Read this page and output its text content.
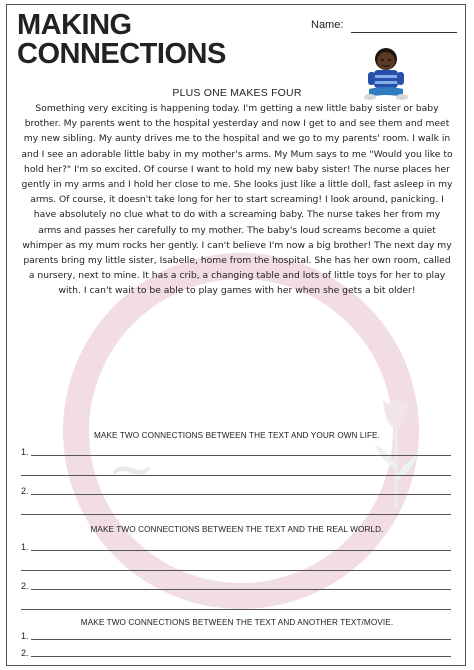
~
MAKING
CONNECTIONS
Name:
PLUS ONE MAKES FOUR

Something very exciting is happening today. I'm getting a new little baby sister or baby brother. My parents went to the hospital yesterday and now I get to and see them and meet my new sibling. My aunty drives me to the hospital and we go to my parents' room. I walk in and I see an adorable little baby in my mother's arms. My Mum says to me "Would you like to hold her?" I'm so excited. Of course I want to hold my new baby sister! The nurse places her gently in my arms and I hold her close to me. She looks just like a little doll, fast asleep in my arms. Of course, it doesn't take long for her to start screaming! I look around, panicking. I have absolutely no clue what to do with a screaming baby. The nurse takes her from my arms and passes her carefully to my mother. The baby's loud screams become a quiet whimper as my mum rocks her gently. I can't believe I'm now a big brother! The next day my parents bring my little sister, Isabelle, home from the hospital. She has her own room, called a nursery, next to mine. It has a crib, a changing table and lots of little toys for her to play with. I can't wait to be able to play games with her when she gets a bit older!

MAKE TWO CONNECTIONS BETWEEN THE TEXT AND YOUR OWN LIFE.
1.
2.
MAKE TWO CONNECTIONS BETWEEN THE TEXT AND THE REAL WORLD.
1.
2.
MAKE TWO CONNECTIONS BETWEEN THE TEXT AND ANOTHER TEXT/MOVIE.
1.
2.
